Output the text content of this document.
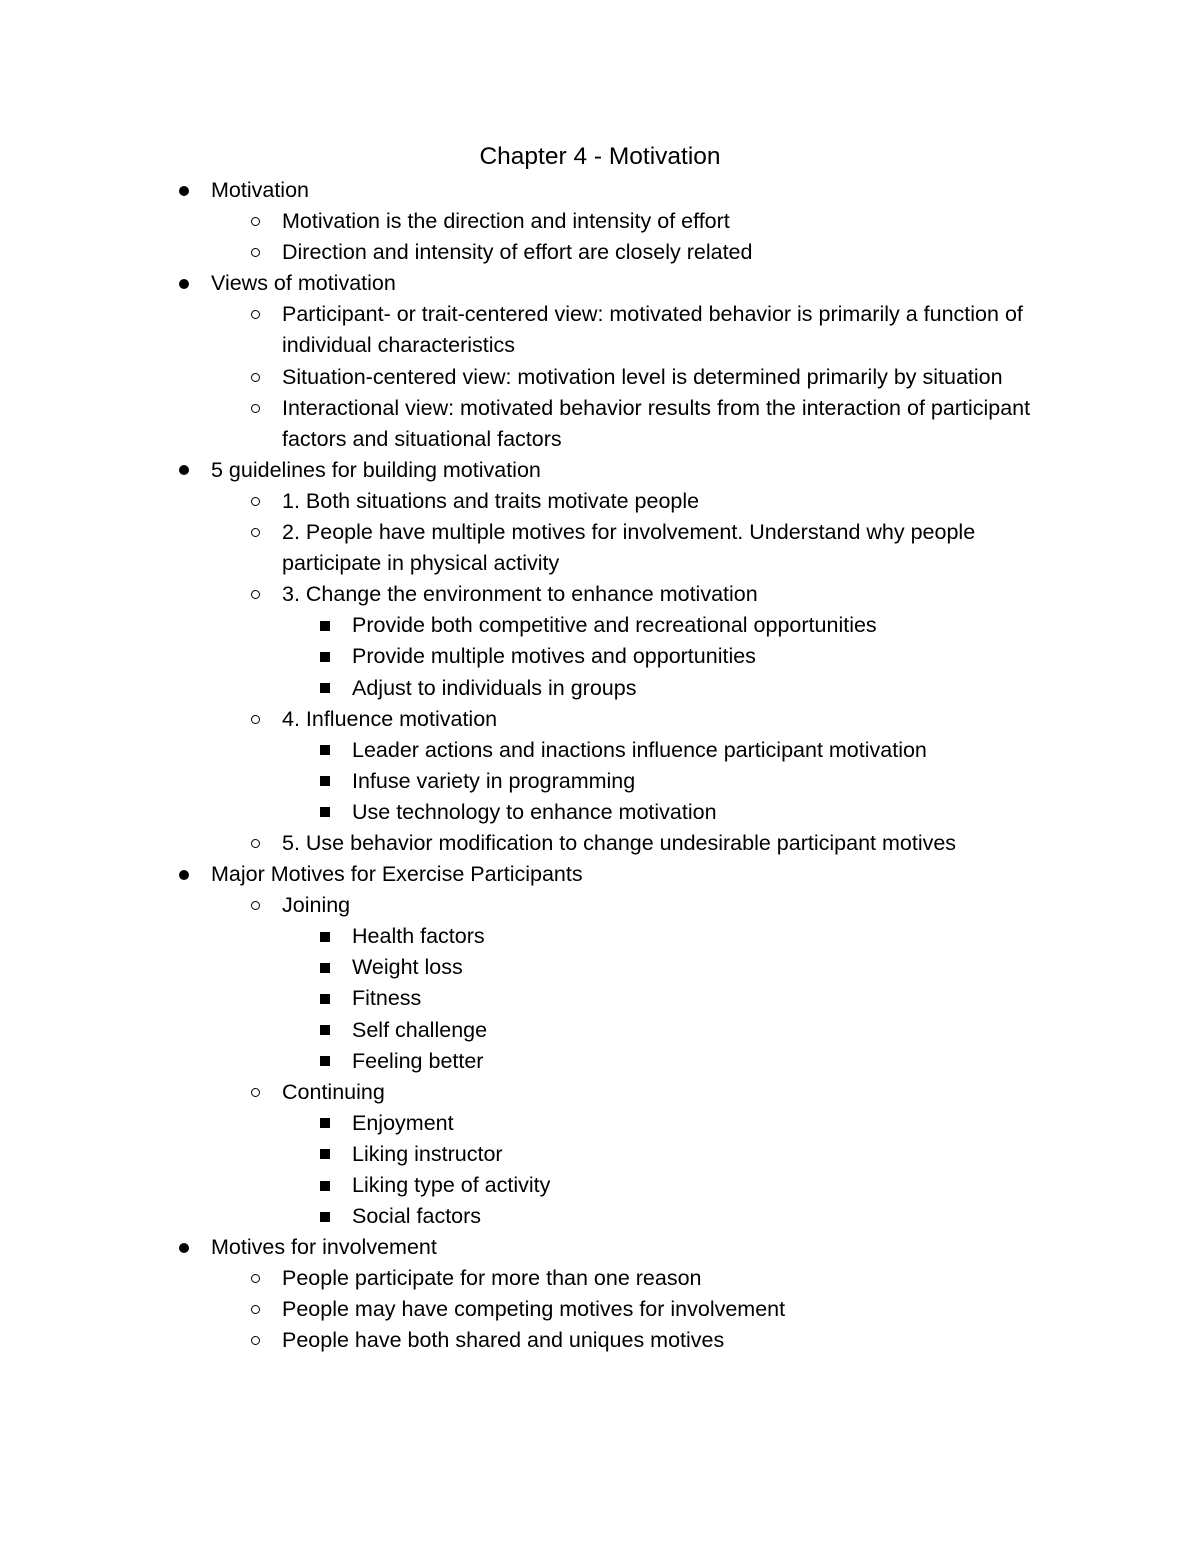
Chapter 4 - Motivation
Motivation
Motivation is the direction and intensity of effort
Direction and intensity of effort are closely related
Views of motivation
Participant- or trait-centered view: motivated behavior is primarily a function of individual characteristics
Situation-centered view: motivation level is determined primarily by situation
Interactional view: motivated behavior results from the interaction of participant factors and situational factors
5 guidelines for building motivation
1. Both situations and traits motivate people
2. People have multiple motives for involvement. Understand why people participate in physical activity
3. Change the environment to enhance motivation
Provide both competitive and recreational opportunities
Provide multiple motives and opportunities
Adjust to individuals in groups
4. Influence motivation
Leader actions and inactions influence participant motivation
Infuse variety in programming
Use technology to enhance motivation
5. Use behavior modification to change undesirable participant motives
Major Motives for Exercise Participants
Joining
Health factors
Weight loss
Fitness
Self challenge
Feeling better
Continuing
Enjoyment
Liking instructor
Liking type of activity
Social factors
Motives for involvement
People participate for more than one reason
People may have competing motives for involvement
People have both shared and uniques motives
